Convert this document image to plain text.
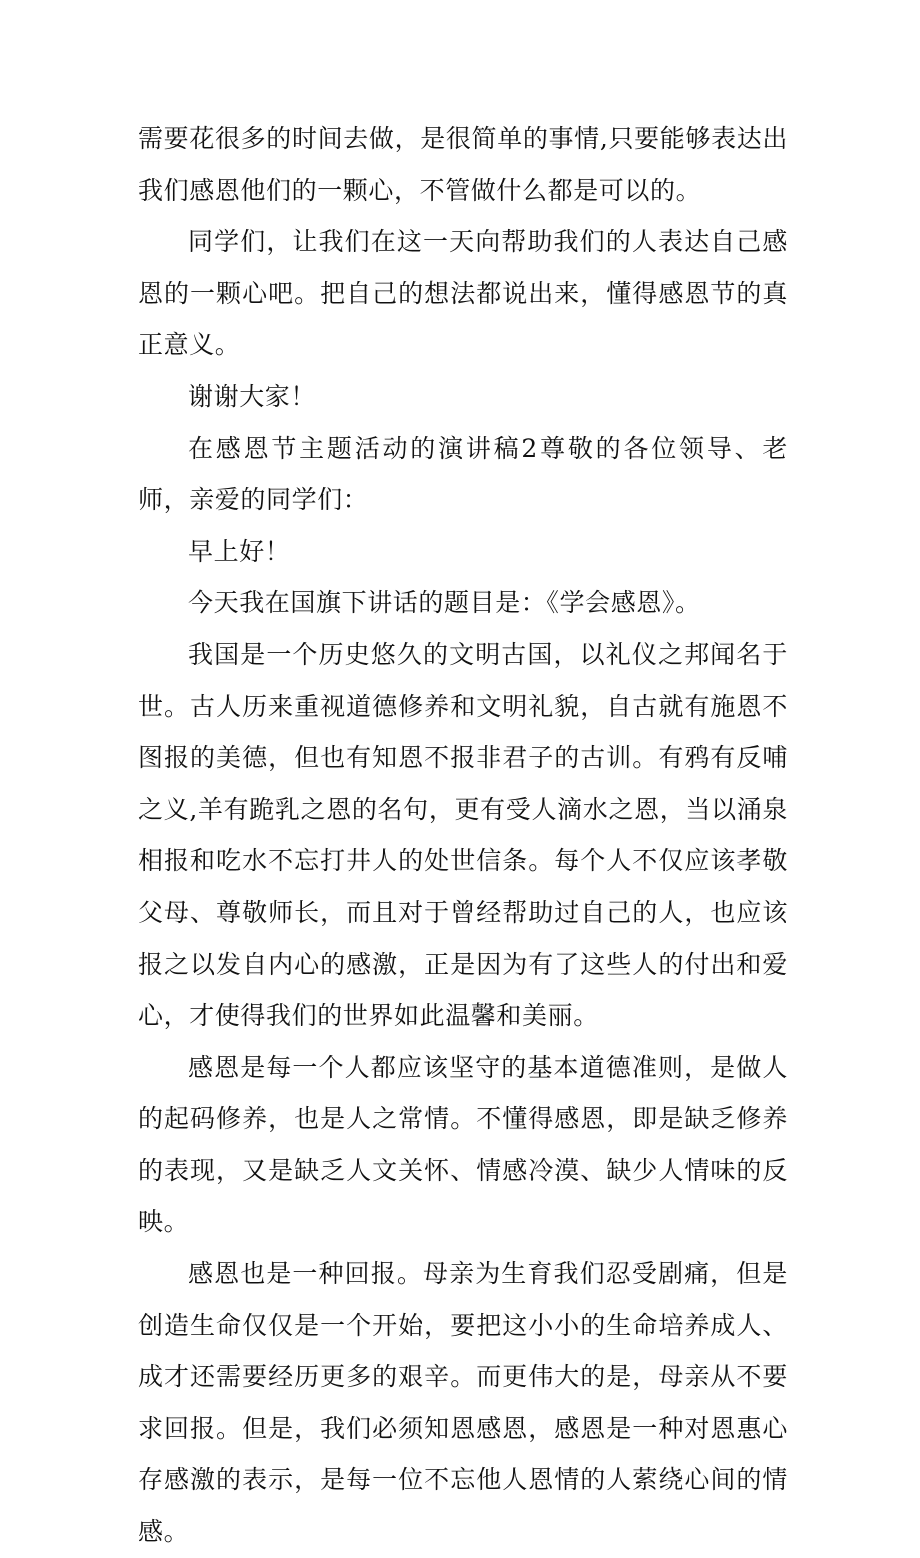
需要花很多的时间去做，是很简单的事情,只要能够表达出我们感恩他们的一颗心，不管做什么都是可以的。

同学们，让我们在这一天向帮助我们的人表达自己感恩的一颗心吧。把自己的想法都说出来，懂得感恩节的真正意义。

谢谢大家！

在感恩节主题活动的演讲稿2尊敬的各位领导、老师，亲爱的同学们：

早上好！

今天我在国旗下讲话的题目是：《学会感恩》。

我国是一个历史悠久的文明古国，以礼仪之邦闻名于世。古人历来重视道德修养和文明礼貌，自古就有施恩不图报的美德，但也有知恩不报非君子的古训。有鸦有反哺之义,羊有跪乳之恩的名句，更有受人滴水之恩，当以涌泉相报和吃水不忘打井人的处世信条。每个人不仅应该孝敬父母、尊敬师长，而且对于曾经帮助过自己的人，也应该报之以发自内心的感激，正是因为有了这些人的付出和爱心，才使得我们的世界如此温馨和美丽。

感恩是每一个人都应该坚守的基本道德准则，是做人的起码修养，也是人之常情。不懂得感恩，即是缺乏修养的表现，又是缺乏人文关怀、情感冷漠、缺少人情味的反映。

感恩也是一种回报。母亲为生育我们忍受剧痛，但是创造生命仅仅是一个开始，要把这小小的生命培养成人、成才还需要经历更多的艰辛。而更伟大的是，母亲从不要求回报。但是，我们必须知恩感恩，感恩是一种对恩惠心存感激的表示，是每一位不忘他人恩情的人萦绕心间的情感。
